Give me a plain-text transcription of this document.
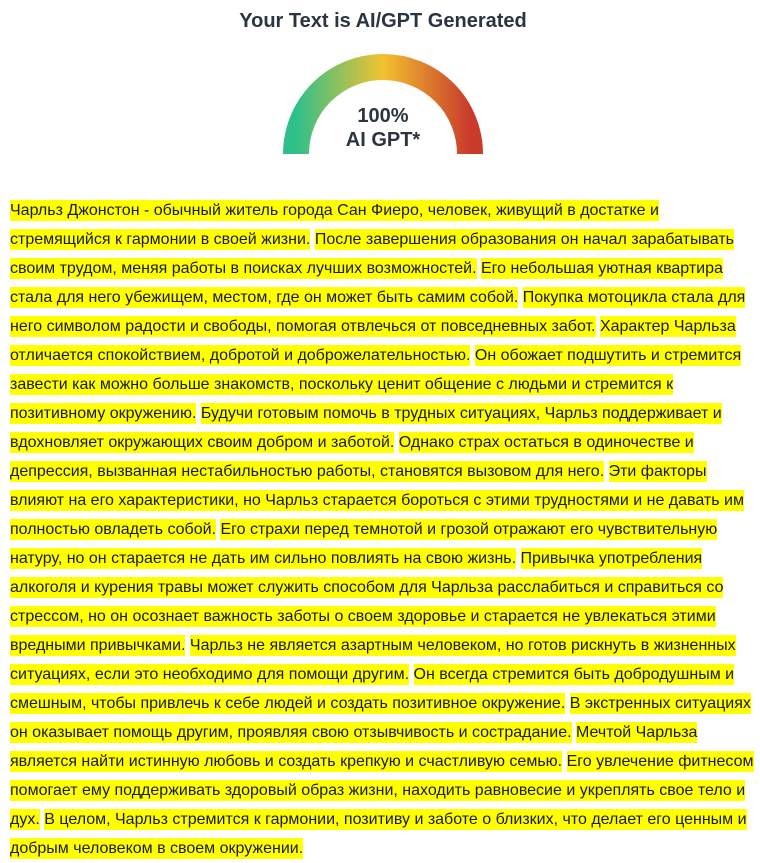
Your Text is AI/GPT Generated
100%
AI GPT*
Чарльз Джонстон - обычный житель города Сан Фиеро, человек, живущий в достатке и стремящийся к гармонии в своей жизни. После завершения образования он начал зарабатывать своим трудом, меняя работы в поисках лучших возможностей. Его небольшая уютная квартира стала для него убежищем, местом, где он может быть самим собой. Покупка мотоцикла стала для него символом радости и свободы, помогая отвлечься от повседневных забот. Характер Чарльза отличается спокойствием, добротой и доброжелательностью. Он обожает подшутить и стремится завести как можно больше знакомств, поскольку ценит общение с людьми и стремится к позитивному окружению. Будучи готовым помочь в трудных ситуациях, Чарльз поддерживает и вдохновляет окружающих своим добром и заботой. Однако страх остаться в одиночестве и депрессия, вызванная нестабильностью работы, становятся вызовом для него. Эти факторы влияют на его характеристики, но Чарльз старается бороться с этими трудностями и не давать им полностью овладеть собой. Его страхи перед темнотой и грозой отражают его чувствительную натуру, но он старается не дать им сильно повлиять на свою жизнь. Привычка употребления алкоголя и курения травы может служить способом для Чарльза расслабиться и справиться со стрессом, но он осознает важность заботы о своем здоровье и старается не увлекаться этими вредными привычками. Чарльз не является азартным человеком, но готов рискнуть в жизненных ситуациях, если это необходимо для помощи другим. Он всегда стремится быть добродушным и смешным, чтобы привлечь к себе людей и создать позитивное окружение. В экстренных ситуациях он оказывает помощь другим, проявляя свою отзывчивость и сострадание. Мечтой Чарльза является найти истинную любовь и создать крепкую и счастливую семью. Его увлечение фитнесом помогает ему поддерживать здоровый образ жизни, находить равновесие и укреплять свое тело и дух. В целом, Чарльз стремится к гармонии, позитиву и заботе о близких, что делает его ценным и добрым человеком в своем окружении.
